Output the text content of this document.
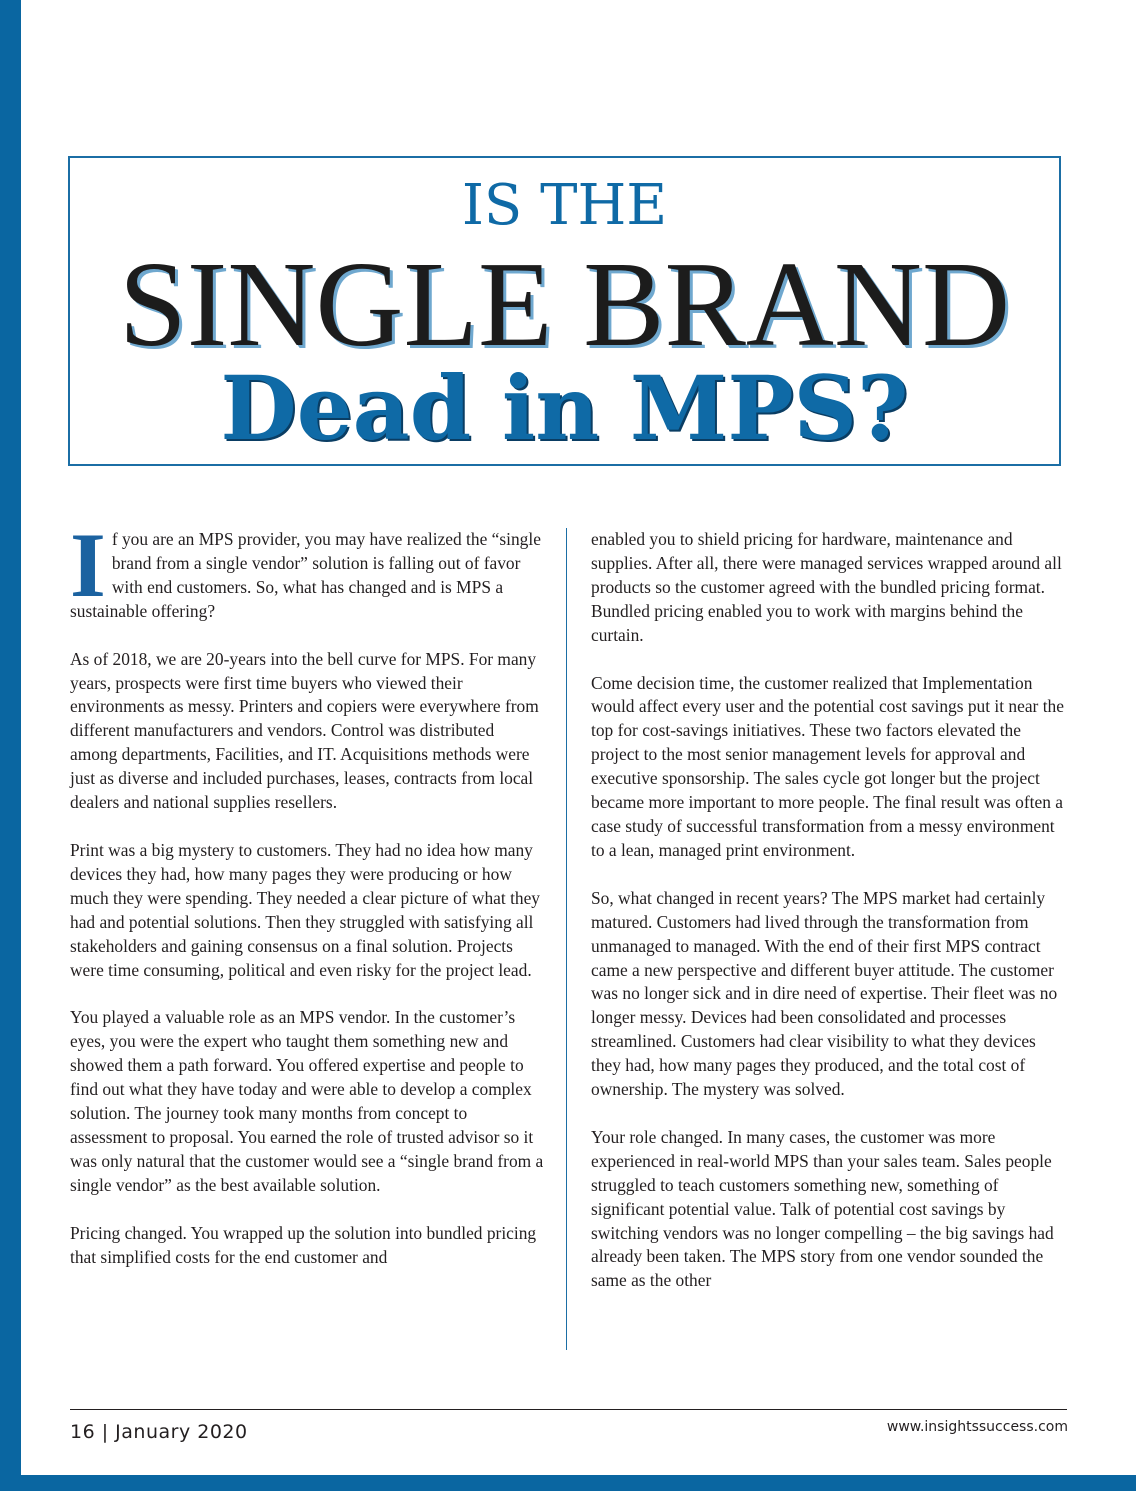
IS THE
SINGLE BRAND
Dead in MPS?

If you are an MPS provider, you may have realized the “single brand from a single vendor” solution is falling out of favor with end customers. So, what has changed and is MPS a sustainable offering?

As of 2018, we are 20-years into the bell curve for MPS. For many years, prospects were first time buyers who viewed their environments as messy. Printers and copiers were everywhere from different manufacturers and vendors. Control was distributed among departments, Facilities, and IT. Acquisitions methods were just as diverse and included purchases, leases, contracts from local dealers and national supplies resellers.

Print was a big mystery to customers. They had no idea how many devices they had, how many pages they were producing or how much they were spending. They needed a clear picture of what they had and potential solutions. Then they struggled with satisfying all stakeholders and gaining consensus on a final solution. Projects were time consuming, political and even risky for the project lead.

You played a valuable role as an MPS vendor. In the customer’s eyes, you were the expert who taught them something new and showed them a path forward. You offered expertise and people to find out what they have today and were able to develop a complex solution. The journey took many months from concept to assessment to proposal. You earned the role of trusted advisor so it was only natural that the customer would see a “single brand from a single vendor” as the best available solution.

Pricing changed. You wrapped up the solution into bundled pricing that simplified costs for the end customer and

enabled you to shield pricing for hardware, maintenance and supplies. After all, there were managed services wrapped around all products so the customer agreed with the bundled pricing format. Bundled pricing enabled you to work with margins behind the curtain.

Come decision time, the customer realized that Implementation would affect every user and the potential cost savings put it near the top for cost-savings initiatives. These two factors elevated the project to the most senior management levels for approval and executive sponsorship. The sales cycle got longer but the project became more important to more people. The final result was often a case study of successful transformation from a messy environment to a lean, managed print environment.

So, what changed in recent years? The MPS market had certainly matured. Customers had lived through the transformation from unmanaged to managed. With the end of their first MPS contract came a new perspective and different buyer attitude. The customer was no longer sick and in dire need of expertise. Their fleet was no longer messy. Devices had been consolidated and processes streamlined. Customers had clear visibility to what they devices they had, how many pages they produced, and the total cost of ownership. The mystery was solved.

Your role changed. In many cases, the customer was more experienced in real-world MPS than your sales team. Sales people struggled to teach customers something new, something of significant potential value. Talk of potential cost savings by switching vendors was no longer compelling – the big savings had already been taken. The MPS story from one vendor sounded the same as the other

16 | January 2020	www.insightssuccess.com
